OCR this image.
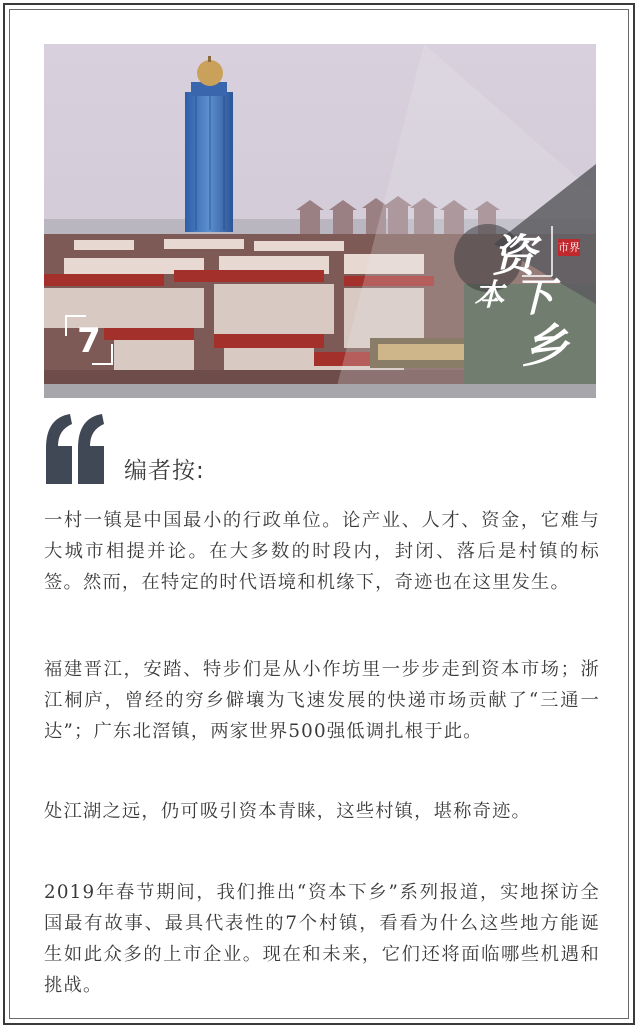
7
资
本 下
乡
市界
编者按:

一村一镇是中国最小的行政单位。论产业、人才、资金，它难与大城市相提并论。在大多数的时段内，封闭、落后是村镇的标签。然而，在特定的时代语境和机缘下，奇迹也在这里发生。

福建晋江，安踏、特步们是从小作坊里一步步走到资本市场；浙江桐庐，曾经的穷乡僻壤为飞速发展的快递市场贡献了“三通一达”；广东北滘镇，两家世界500强低调扎根于此。

处江湖之远，仍可吸引资本青睐，这些村镇，堪称奇迹。

2019年春节期间，我们推出“资本下乡”系列报道，实地探访全国最有故事、最具代表性的7个村镇，看看为什么这些地方能诞生如此众多的上市企业。现在和未来，它们还将面临哪些机遇和挑战。
